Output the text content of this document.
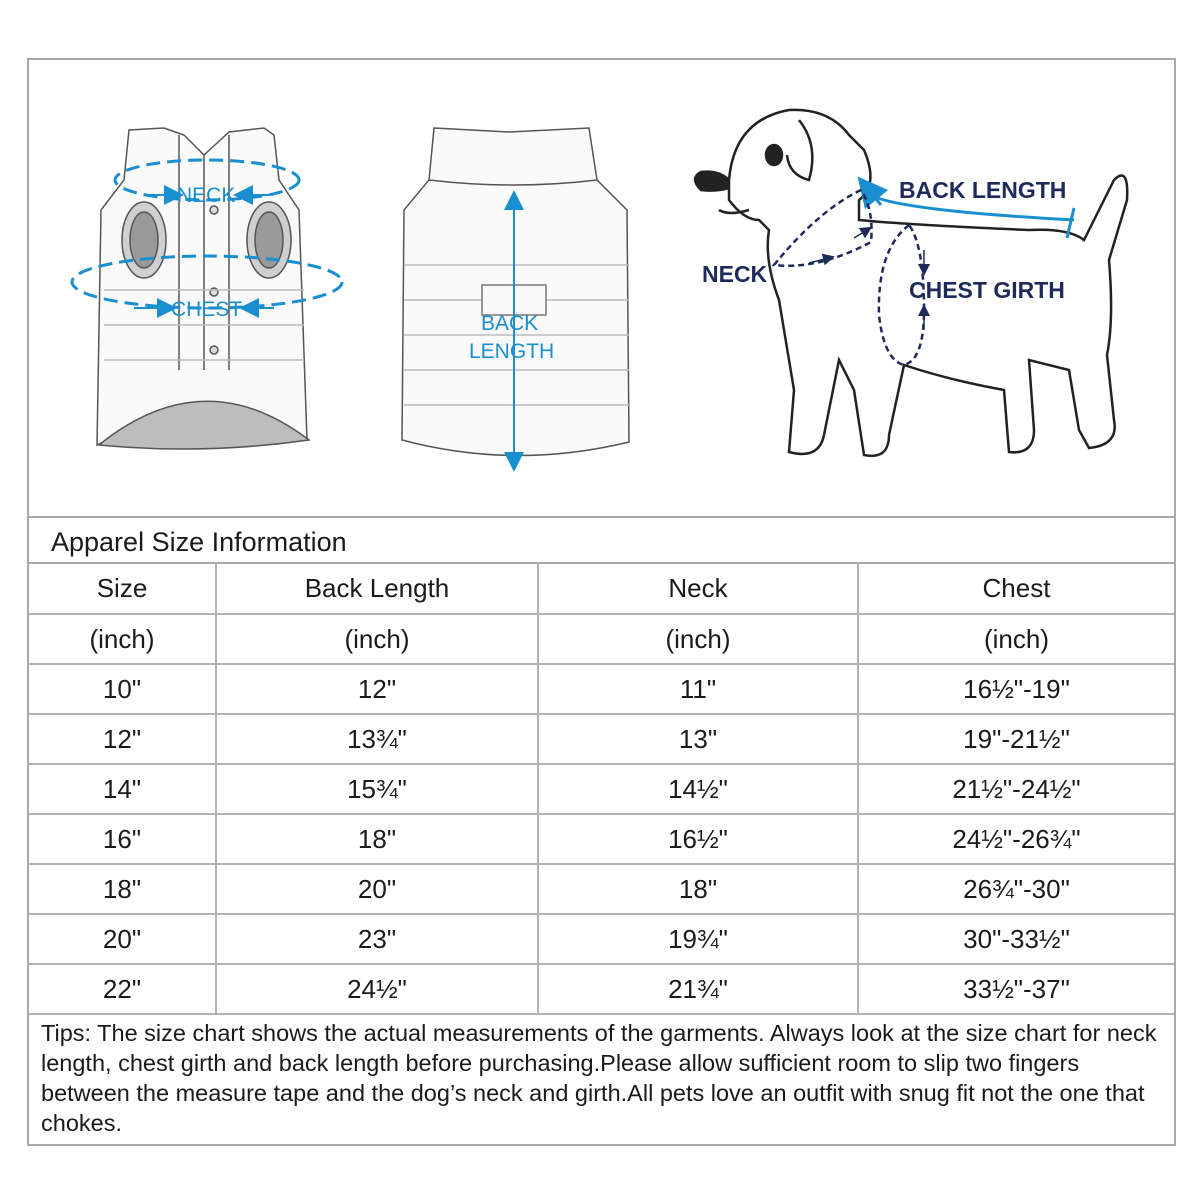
NECK
CHEST
BACK
LENGTH
BACK LENGTH
NECK
CHEST GIRTH
Apparel Size Information
Size	Back Length	Neck	Chest
(inch)	(inch)	(inch)	(inch)
10"	12"	11"	16½"-19"
12"	13¾"	13"	19"-21½"
14"	15¾"	14½"	21½"-24½"
16"	18"	16½"	24½"-26¾"
18"	20"	18"	26¾"-30"
20"	23"	19¾"	30"-33½"
22"	24½"	21¾"	33½"-37"
Tips: The size chart shows the actual measurements of the garments. Always look at the size chart for neck length, chest girth and back length before purchasing.Please allow sufficient room to slip two fingers between the measure tape and the dog’s neck and girth.All pets love an outfit with snug fit not the one that chokes.
